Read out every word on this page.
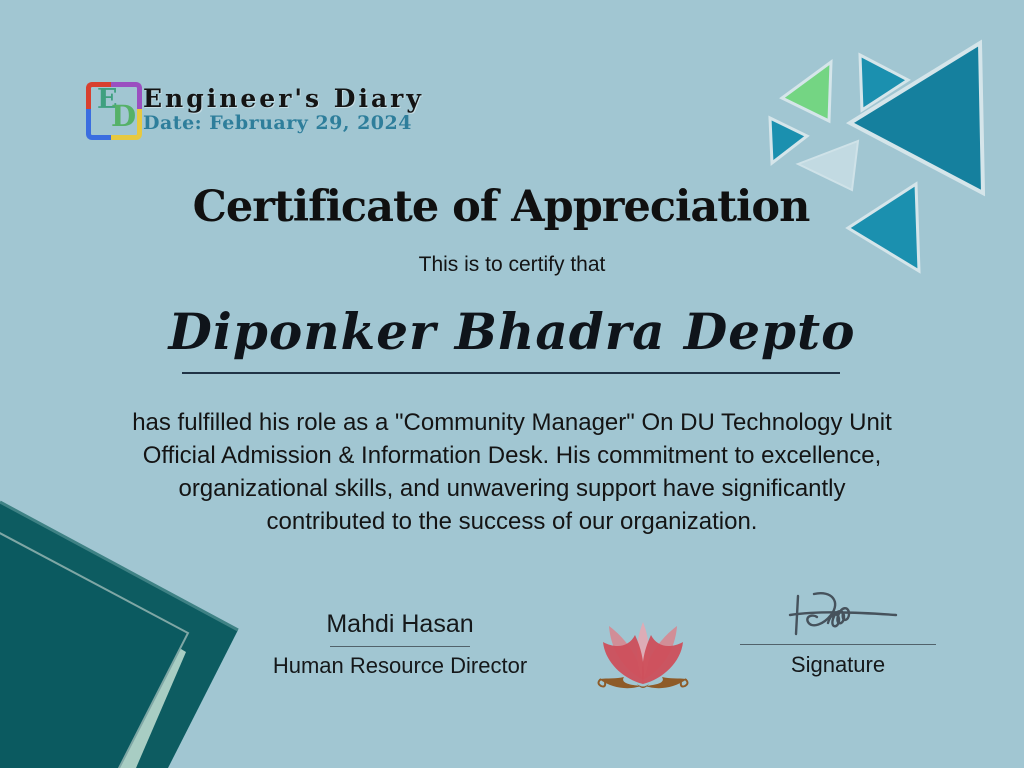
E
D
Engineer's Diary
Date: February 29, 2024
Certificate of Appreciation
This is to certify that
Diponker Bhadra Depto
has fulfilled his role as a "Community Manager" On DU Technology Unit
Official Admission & Information Desk. His commitment to excellence,
organizational skills, and unwavering support have significantly
contributed to the success of our organization.
Mahdi Hasan
Human Resource Director	Signature
